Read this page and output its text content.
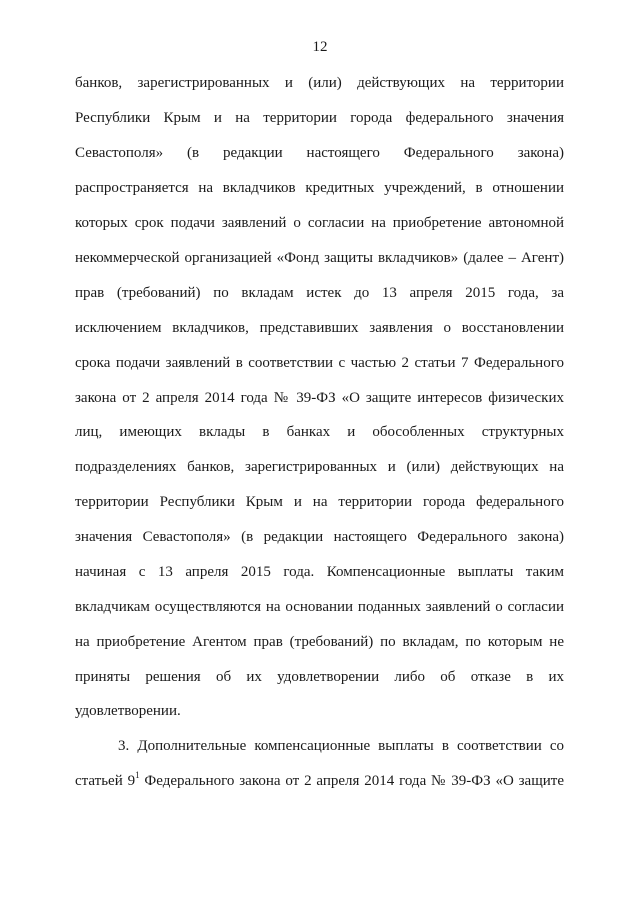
12
банков, зарегистрированных и (или) действующих на территории
Республики Крым и на территории города федерального значения
Севастополя» (в редакции настоящего Федерального закона)
распространяется на вкладчиков кредитных учреждений, в отношении
которых срок подачи заявлений о согласии на приобретение автономной
некоммерческой организацией «Фонд защиты вкладчиков» (далее – Агент)
прав (требований) по вкладам истек до 13 апреля 2015 года, за
исключением вкладчиков, представивших заявления о восстановлении
срока подачи заявлений в соответствии с частью 2 статьи 7 Федерального
закона от 2 апреля 2014 года № 39-ФЗ «О защите интересов физических
лиц, имеющих вклады в банках и обособленных структурных
подразделениях банков, зарегистрированных и (или) действующих на
территории Республики Крым и на территории города федерального
значения Севастополя» (в редакции настоящего Федерального закона)
начиная с 13 апреля 2015 года. Компенсационные выплаты таким
вкладчикам осуществляются на основании поданных заявлений о согласии
на приобретение Агентом прав (требований) по вкладам, по которым не
приняты решения об их удовлетворении либо об отказе в их
удовлетворении.
3. Дополнительные компенсационные выплаты в соответствии со
статьей $9^1$ Федерального закона от 2 апреля 2014 года № 39-ФЗ «О защите
